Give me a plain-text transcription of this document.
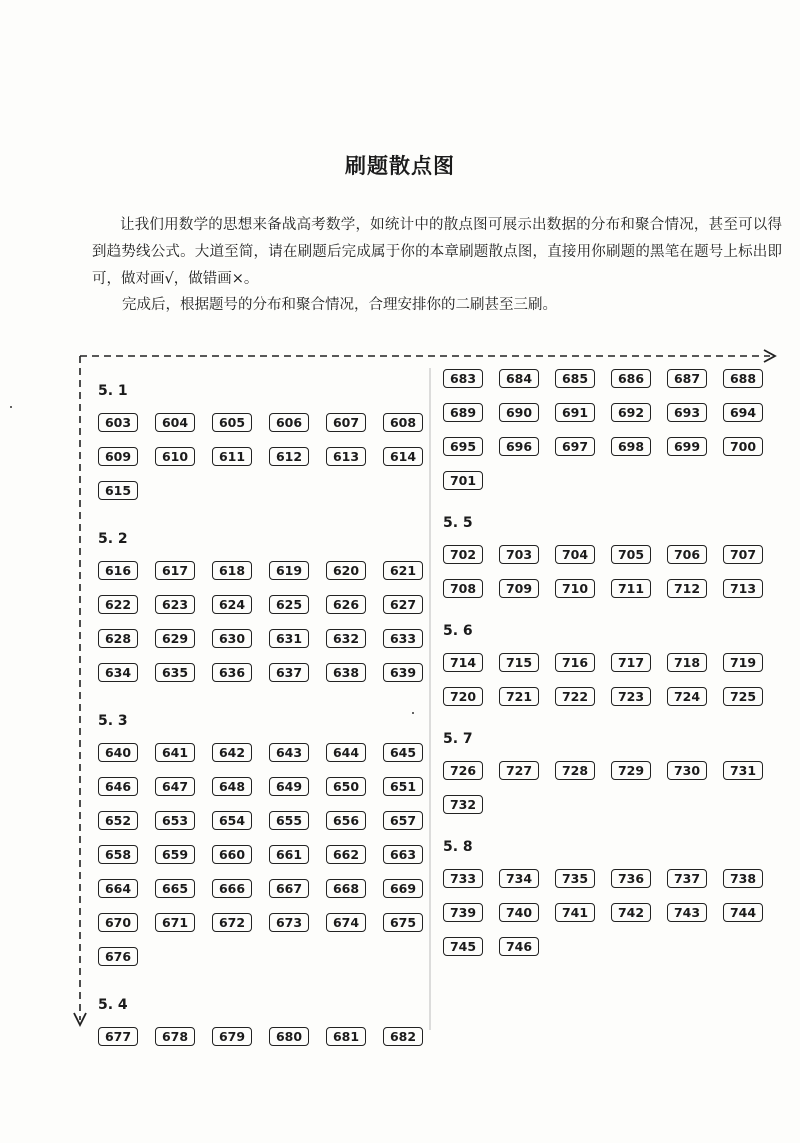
刷题散点图

让我们用数学的思想来备战高考数学，如统计中的散点图可展示出数据的分布和聚合情况，甚至可以得到趋势线公式。大道至简，请在刷题后完成属于你的本章刷题散点图，直接用你刷题的黑笔在题号上标出即可，做对画√，做错画×。

完成后，根据题号的分布和聚合情况，合理安排你的二刷甚至三刷。

5. 1
603	604	605	606	607	608
609	610	611	612	613	614
615
5. 2
616	617	618	619	620	621
622	623	624	625	626	627
628	629	630	631	632	633
634	635	636	637	638	639
5. 3
640	641	642	643	644	645
646	647	648	649	650	651
652	653	654	655	656	657
658	659	660	661	662	663
664	665	666	667	668	669
670	671	672	673	674	675
676
5. 4
677	678	679	680	681	682
683	684	685	686	687	688
689	690	691	692	693	694
695	696	697	698	699	700
701
5. 5
702	703	704	705	706	707
708	709	710	711	712	713
5. 6
714	715	716	717	718	719
720	721	722	723	724	725
5. 7
726	727	728	729	730	731
732
5. 8
733	734	735	736	737	738
739	740	741	742	743	744
745	746
